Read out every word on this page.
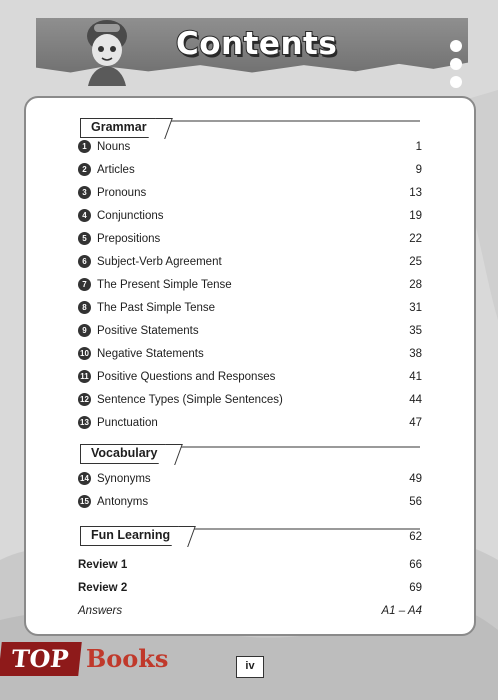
Contents
Grammar
1 Nouns	1
2 Articles	9
3 Pronouns	13
4 Conjunctions	19
5 Prepositions	22
6 Subject-Verb Agreement	25
7 The Present Simple Tense	28
8 The Past Simple Tense	31
9 Positive Statements	35
10 Negative Statements	38
11 Positive Questions and Responses	41
12 Sentence Types (Simple Sentences)	44
13 Punctuation	47
Vocabulary
14 Synonyms	49
15 Antonyms	56
Fun Learning	62
Review 1	66
Review 2	69
Answers	A1 – A4
TOP Books	iv
